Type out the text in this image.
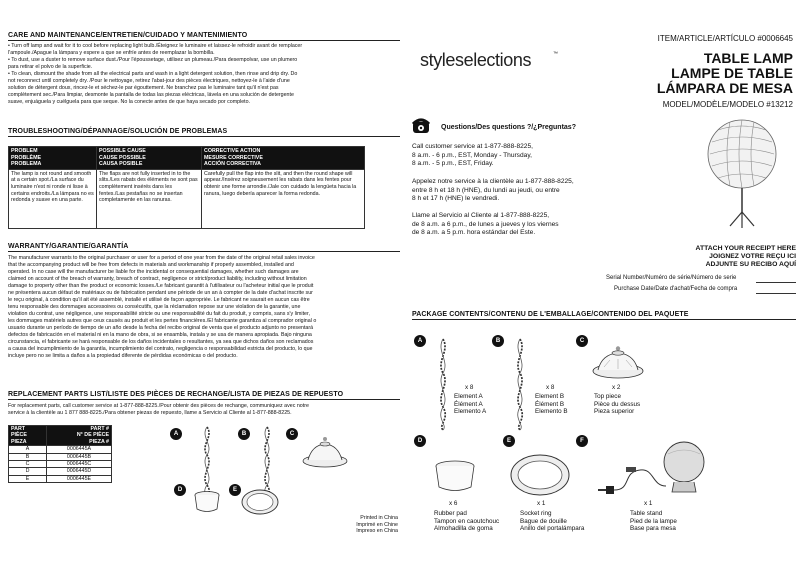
CARE AND MAINTENANCE/ENTRETIEN/CUIDADO Y MANTENIMIENTO
• Turn off lamp and wait for it to cool before replacing light bulb./Éteignez le luminaire et laissez-le refroidir avant de remplacer
l'ampoule./Apague la lámpara y espere a que se enfríe antes de reemplazar la bombilla.
• To dust, use a duster to remove surface dust./Pour l'époussetage, utilisez un plumeau./Para desempolvar, use un plumero
para retirar el polvo de la superficie.
• To clean, dismount the shade from all the electrical parts and wash in a light detergent solution, then rinse and drip dry. Do
not reconnect until completely dry. /Pour le nettoyage, retirez l'abat-jour des pièces électriques, nettoyez-le à l'aide d'une
solution de détergent doux, rincez-le et séchez-le par égouttement. Ne branchez pas le luminaire tant qu'il n'est pas
complètement sec./Para limpiar, desmonte la pantalla de todas las piezas eléctricas, lávela en una solución de detergente
suave, enjuáguela y cuélguela para que seque. No la conecte antes de que haya secado por completo.
TROUBLESHOOTING/DÉPANNAGE/SOLUCIÓN DE PROBLEMAS
PROBLEM
PROBLÈME
PROBLEMA	POSSIBLE CAUSE
CAUSE POSSIBLE
CAUSA POSIBLE	CORRECTIVE ACTION
MESURE CORRECTIVE
ACCIÓN CORRECTIVA
The lamp is not round and smooth at a certain spot./La surface du luminaire n'est ni ronde ni lisse à certains endroits./La lámpara no es redonda y suave en una parte.	The flaps are not fully inserted in to the slits./Les rabats des éléments ne sont pas complètement insérés dans les fentes./Las pestañas no se insertan completamente en las ranuras.	Carefully pull the flap into the slit, and then the round shape will appear./Insérez soigneusement les rabats dans les fentes pour obtenir une forme arrondie./Jale con cuidado la lengüeta hacia la ranura, luego debería aparecer la forma redonda.
WARRANTY/GARANTIE/GARANTÍA
The manufacturer warrants to the original purchaser or user for a period of one year from the date of the original retail sales invoice
that the accompanying product will be free from defects in materials and workmanship if properly assembled, installed and
operated. In no case will the manufacturer be liable for the incidental or consequential damages, whether such damages are
claimed on account of the breach of warranty, breach of contract, negligence or strict/product liability, including without limitation
damage to property other than the product or economic losses./Le fabricant garantit à l'utilisateur ou l'acheteur initial que le produit
ne présentera aucun défaut de matériaux ou de fabrication pendant une période de un an à compter de la date d'achat inscrite sur
le reçu original, à condition qu'il ait été assemblé, installé et utilisé de façon appropriée. Le fabricant ne saurait en aucun cas être
tenu responsable des dommages accessoires ou consécutifs, que la réclamation repose sur une violation de la garantie, une
violation du contrat, une négligence, une responsabilité stricte ou une responsabilité du fait du produit, y compris, sans s'y limiter,
les dommages matériels autres que ceux causés au produit et les pertes financières./El fabricante garantiza al comprador original o
usuario durante un período de tiempo de un año desde la fecha del recibo original de venta que el producto adjunto no presentará
defectos de fabricación en el material ni en la mano de obra, si se ensambla, instala y se usa de manera apropiada. Bajo ninguna
circunstancia, el fabricante se hará responsable de los daños incidentales o resultantes, ya sea que dichos daños son reclamados
a causa del incumplimiento de la garantía, incumplimiento del contrato, negligencia o responsabilidad estricta del producto, lo que
incluye pero no se limita a daños a la propiedad diferente de pérdidas económicas o del producto.
REPLACEMENT PARTS LIST/LISTE DES PIÈCES DE RECHANGE/LISTA DE PIEZAS DE REPUESTO
For replacement parts, call customer service at 1-877-888-8225./Pour obtenir des pièces de rechange, communiquez avec notre
service à la clientèle au 1 877 888-8225./Para obtener piezas de repuesto, llame a Servicio al Cliente al 1-877-888-8225.
PART
PIÈCE
PIEZA	PART #
N° DE PIÈCE
PIEZA #
A	0006445A
B	0006445B
C	0006445C
D	0006445D
E	0006445E
A	B	C
D	E
Printed in China
Imprimé en Chine
Impreso en China
styleselections	™
ITEM/ARTICLE/ARTÍCULO #0006645
TABLE LAMP
LAMPE DE TABLE
LÁMPARA DE MESA
MODEL/MODÈLE/MODELO #13212
Questions/Des questions ?/¿Preguntas?
Call customer service at 1-877-888-8225,
8 a.m. - 6 p.m., EST, Monday - Thursday,
8 a.m. - 5 p.m., EST, Friday.
Appelez notre service à la clientèle au 1-877-888-8225,
entre 8 h et 18 h (HNE), du lundi au jeudi, ou entre
8 h et 17 h (HNE) le vendredi.
Llame al Servicio al Cliente al 1-877-888-8225,
de 8 a.m. a 6 p.m., de lunes a jueves y los viernes
de 8 a.m. a 5 p.m. hora estándar del Este.
ATTACH YOUR RECEIPT HERE
JOIGNEZ VOTRE REÇU ICI
ADJUNTE SU RECIBO AQUÍ
Serial Number/Numéro de série/Número de serie
Purchase Date/Date d'achat/Fecha de compra
PACKAGE CONTENTS/CONTENU DE L'EMBALLAGE/CONTENIDO DEL PAQUETE
A	B	C
x 8
Element A
Élément A
Elemento A
x 8
Element B
Élément B
Elemento B
x 2
Top piece
Pièce du dessus
Pieza superior
D	E	F
x 6
Rubber pad
Tampon en caoutchouc
Almohadilla de goma
x 1
Socket ring
Bague de douille
Anillo del portalámpara
x 1
Table stand
Pied de la lampe
Base para mesa
